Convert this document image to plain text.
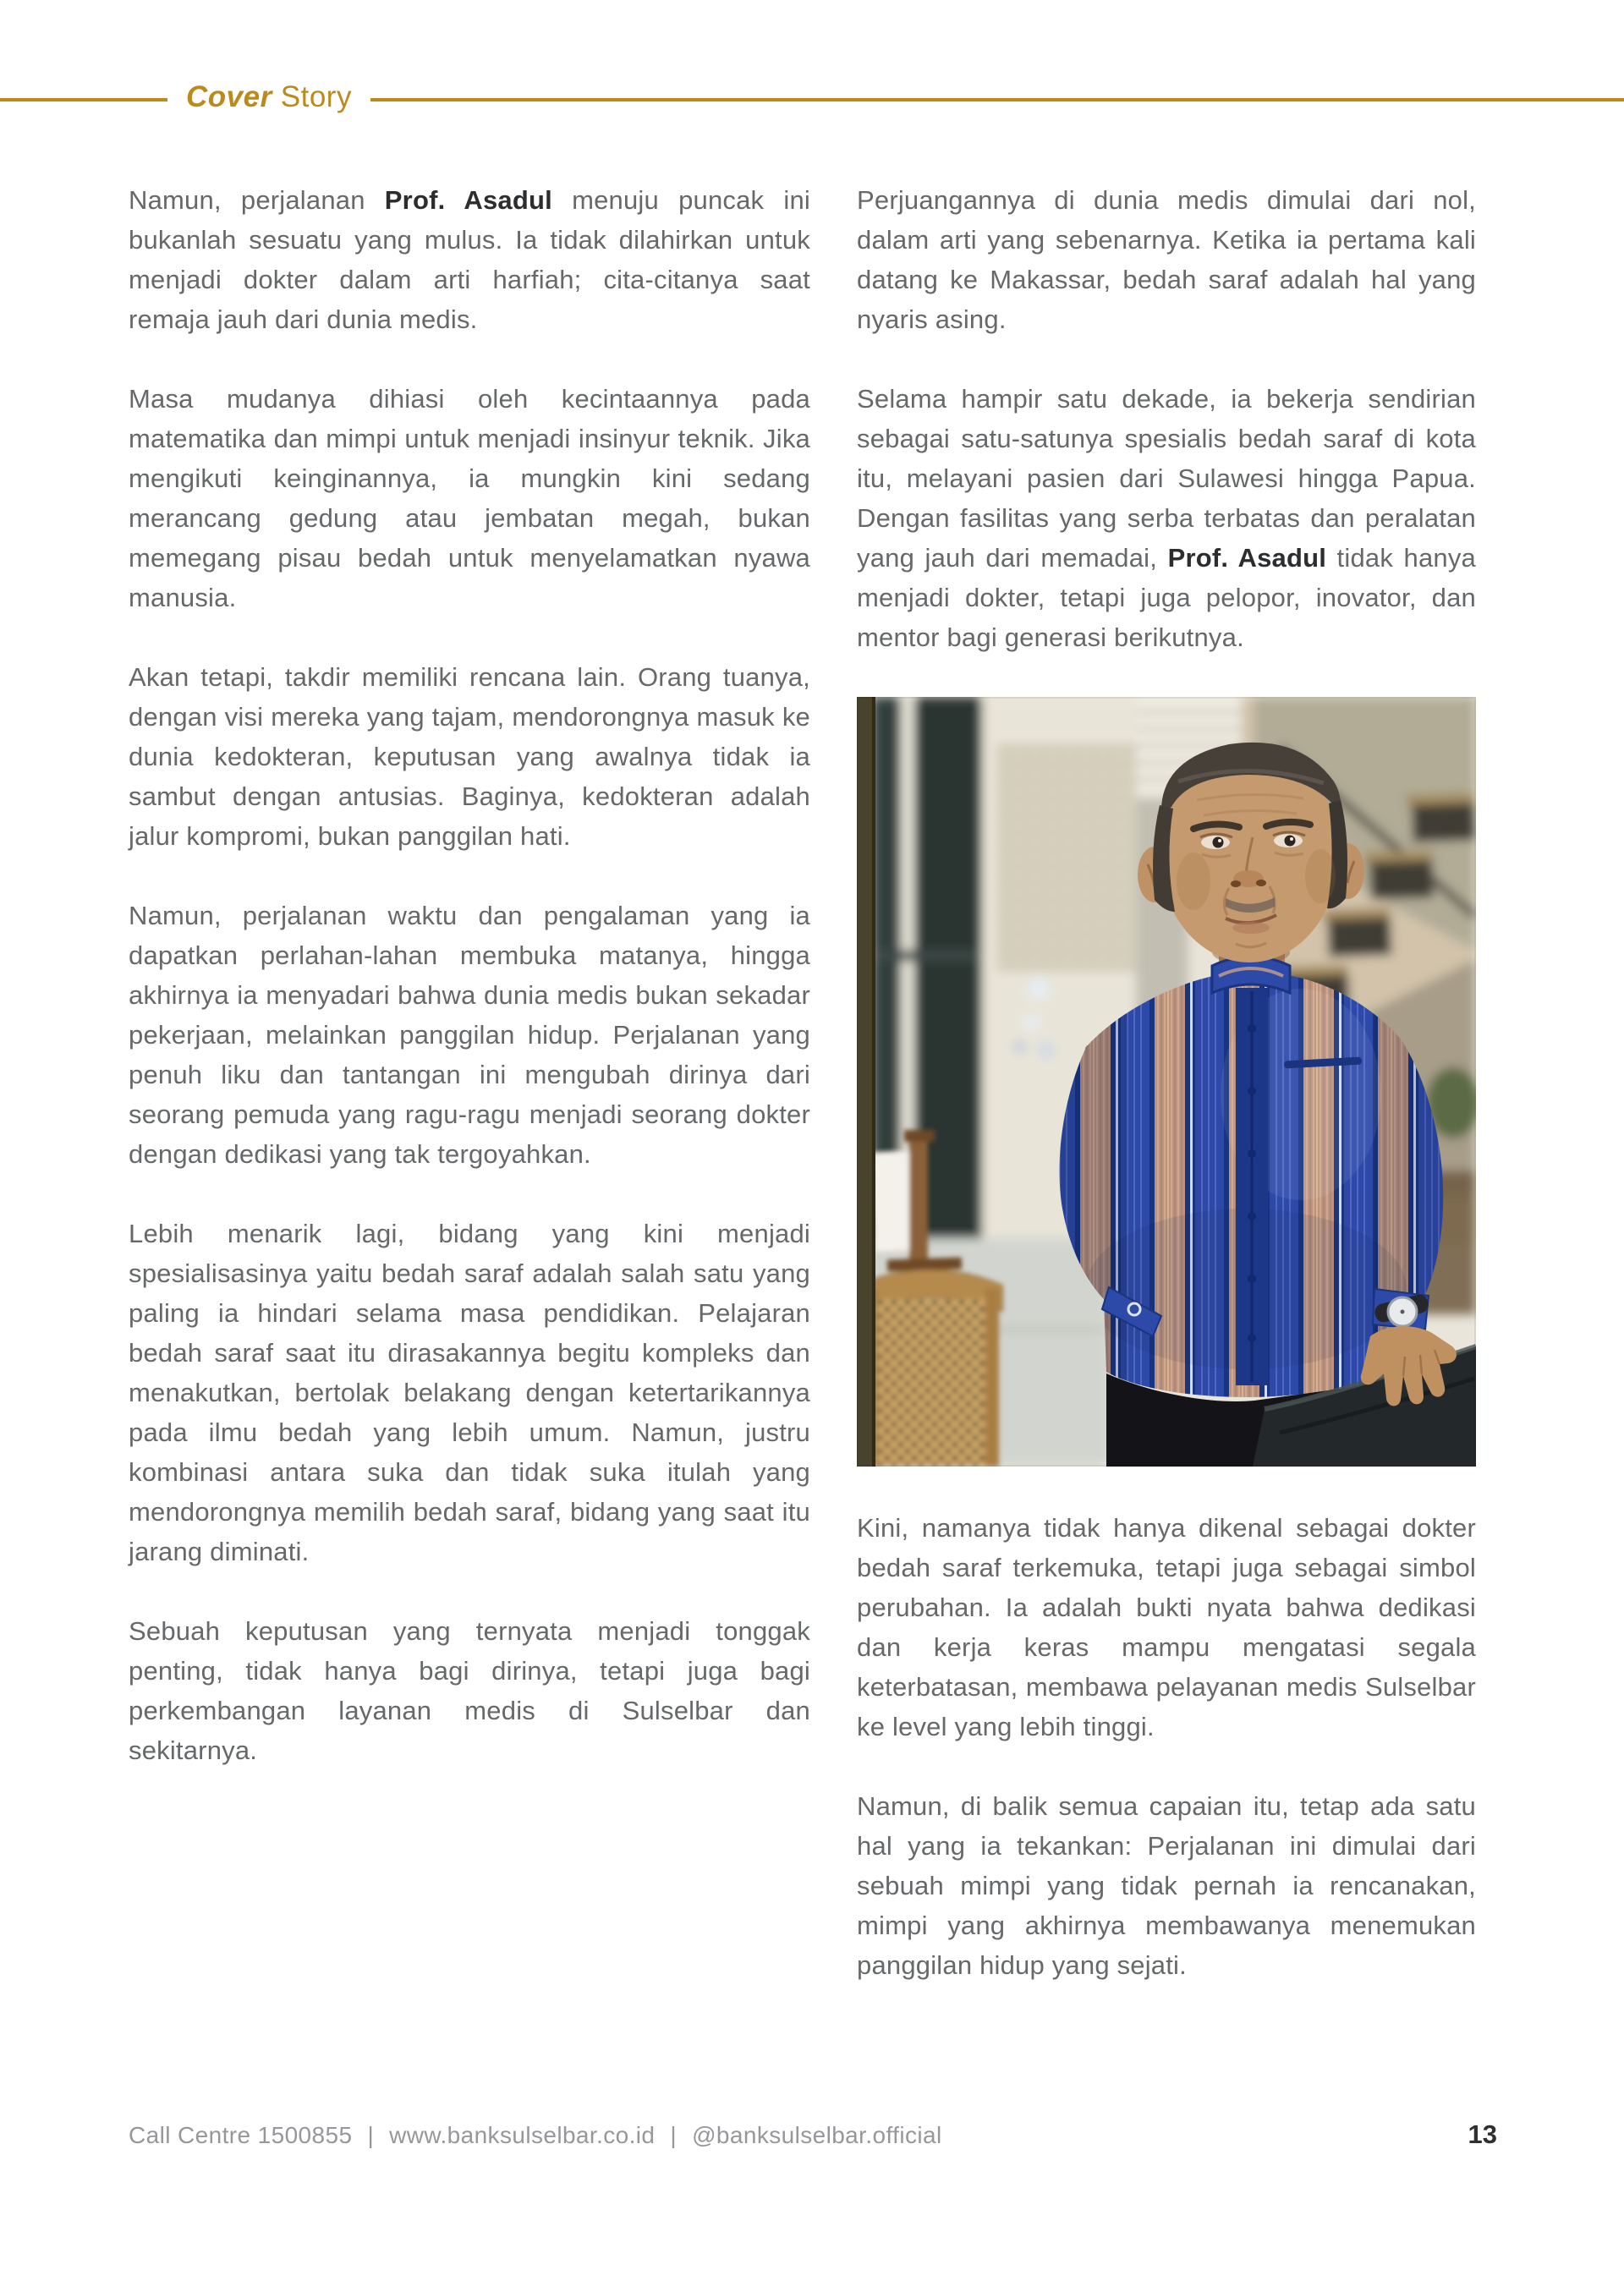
Cover Story

Namun, perjalanan Prof. Asadul menuju puncak ini bukanlah sesuatu yang mulus. Ia tidak dilahirkan untuk menjadi dokter dalam arti harfiah; cita-citanya saat remaja jauh dari dunia medis.

Masa mudanya dihiasi oleh kecintaannya pada matematika dan mimpi untuk menjadi insinyur teknik. Jika mengikuti keinginannya, ia mungkin kini sedang merancang gedung atau jembatan megah, bukan memegang pisau bedah untuk menyelamatkan nyawa manusia.

Akan tetapi, takdir memiliki rencana lain. Orang tuanya, dengan visi mereka yang tajam, mendorongnya masuk ke dunia kedokteran, keputusan yang awalnya tidak ia sambut dengan antusias. Baginya, kedokteran adalah jalur kompromi, bukan panggilan hati.

Namun, perjalanan waktu dan pengalaman yang ia dapatkan perlahan-lahan membuka matanya, hingga akhirnya ia menyadari bahwa dunia medis bukan sekadar pekerjaan, melainkan panggilan hidup. Perjalanan yang penuh liku dan tantangan ini mengubah dirinya dari seorang pemuda yang ragu-ragu menjadi seorang dokter dengan dedikasi yang tak tergoyahkan.

Lebih menarik lagi, bidang yang kini menjadi spesialisasinya yaitu bedah saraf adalah salah satu yang paling ia hindari selama masa pendidikan. Pelajaran bedah saraf saat itu dirasakannya begitu kompleks dan menakutkan, bertolak belakang dengan ketertarikannya pada ilmu bedah yang lebih umum. Namun, justru kombinasi antara suka dan tidak suka itulah yang mendorongnya memilih bedah saraf, bidang yang saat itu jarang diminati.

Sebuah keputusan yang ternyata menjadi tonggak penting, tidak hanya bagi dirinya, tetapi juga bagi perkembangan layanan medis di Sulselbar dan sekitarnya.

Perjuangannya di dunia medis dimulai dari nol, dalam arti yang sebenarnya. Ketika ia pertama kali datang ke Makassar, bedah saraf adalah hal yang nyaris asing.

Selama hampir satu dekade, ia bekerja sendirian sebagai satu-satunya spesialis bedah saraf di kota itu, melayani pasien dari Sulawesi hingga Papua. Dengan fasilitas yang serba terbatas dan peralatan yang jauh dari memadai, Prof. Asadul tidak hanya menjadi dokter, tetapi juga pelopor, inovator, dan mentor bagi generasi berikutnya.

Kini, namanya tidak hanya dikenal sebagai dokter bedah saraf terkemuka, tetapi juga sebagai simbol perubahan. Ia adalah bukti nyata bahwa dedikasi dan kerja keras mampu mengatasi segala keterbatasan, membawa pelayanan medis Sulselbar ke level yang lebih tinggi.

Namun, di balik semua capaian itu, tetap ada satu hal yang ia tekankan: Perjalanan ini dimulai dari sebuah mimpi yang tidak pernah ia rencanakan, mimpi yang akhirnya membawanya menemukan panggilan hidup yang sejati.

Call Centre 1500855 | www.banksulselbar.co.id | @banksulselbar.official	13
